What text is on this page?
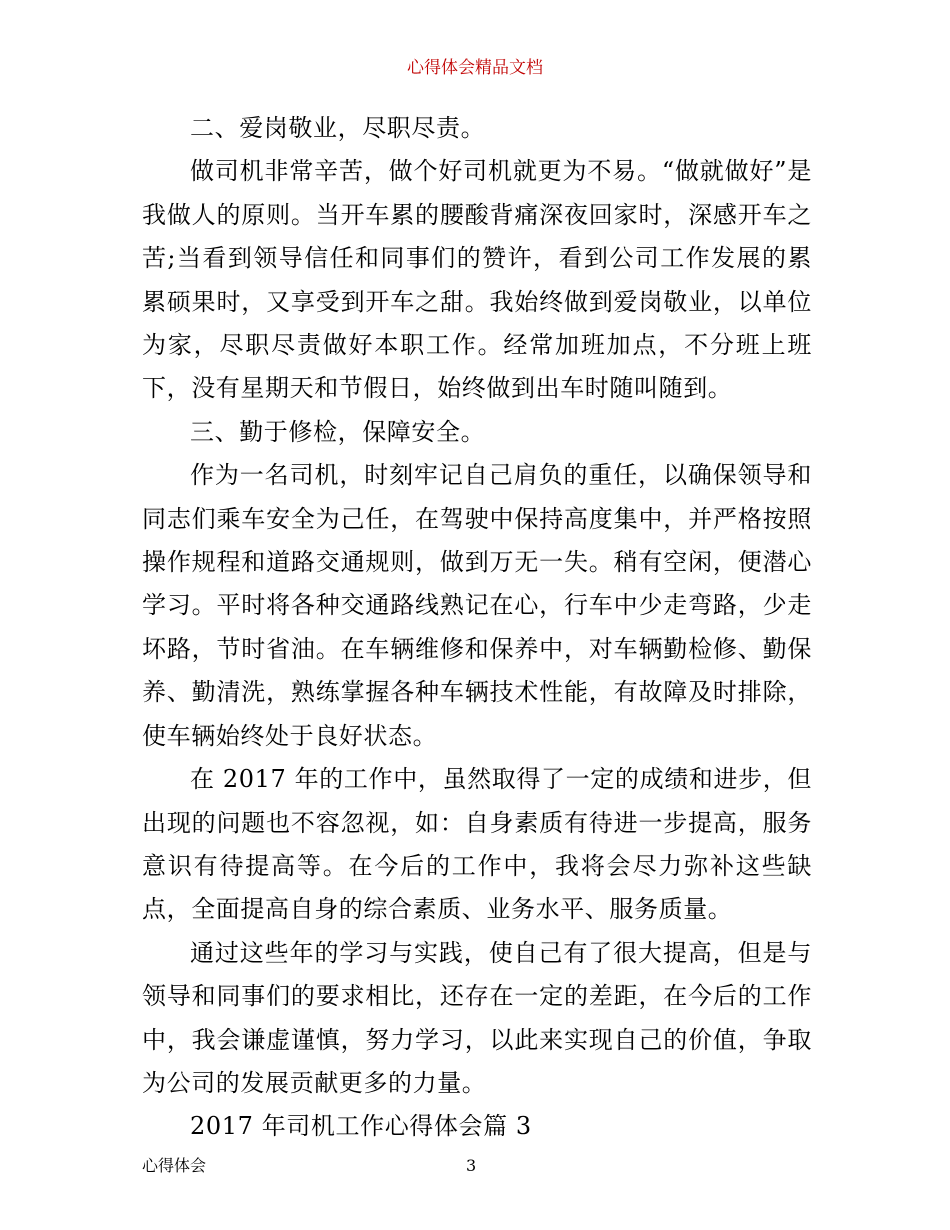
心得体会精品文档

二、爱岗敬业，尽职尽责。

做司机非常辛苦，做个好司机就更为不易。“做就做好”是我做人的原则。当开车累的腰酸背痛深夜回家时，深感开车之苦;当看到领导信任和同事们的赞许，看到公司工作发展的累累硕果时，又享受到开车之甜。我始终做到爱岗敬业，以单位为家，尽职尽责做好本职工作。经常加班加点，不分班上班下，没有星期天和节假日，始终做到出车时随叫随到。

三、勤于修检，保障安全。

作为一名司机，时刻牢记自己肩负的重任，以确保领导和同志们乘车安全为己任，在驾驶中保持高度集中，并严格按照操作规程和道路交通规则，做到万无一失。稍有空闲，便潜心学习。平时将各种交通路线熟记在心，行车中少走弯路，少走坏路，节时省油。在车辆维修和保养中，对车辆勤检修、勤保养、勤清洗，熟练掌握各种车辆技术性能，有故障及时排除，使车辆始终处于良好状态。

在 2017 年的工作中，虽然取得了一定的成绩和进步，但出现的问题也不容忽视，如：自身素质有待进一步提高，服务意识有待提高等。在今后的工作中，我将会尽力弥补这些缺点，全面提高自身的综合素质、业务水平、服务质量。

通过这些年的学习与实践，使自己有了很大提高，但是与领导和同事们的要求相比，还存在一定的差距，在今后的工作中，我会谦虚谨慎，努力学习，以此来实现自己的价值，争取为公司的发展贡献更多的力量。

2017 年司机工作心得体会篇 3

心得体会	3
